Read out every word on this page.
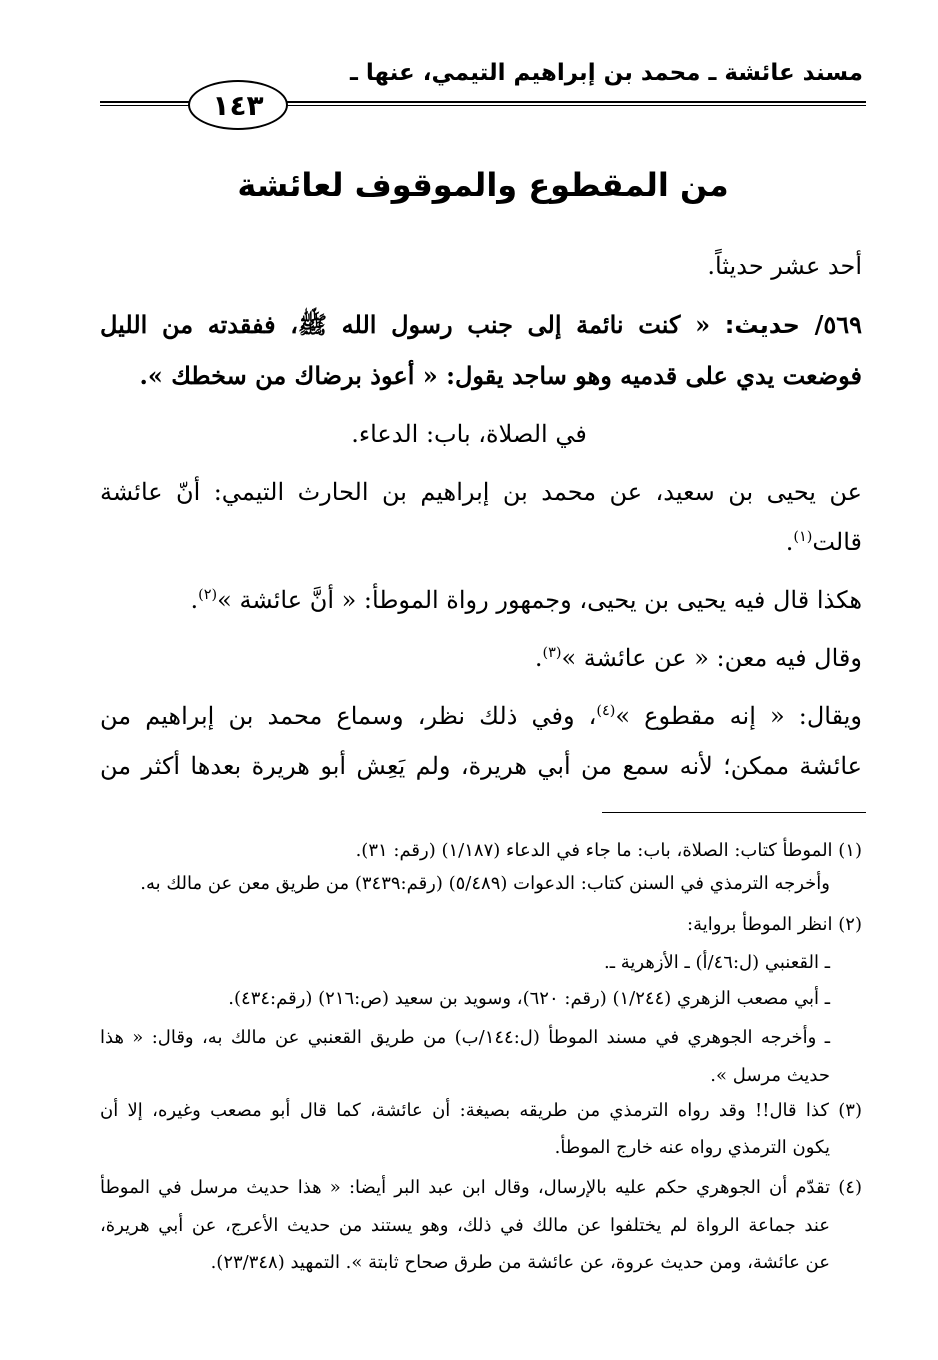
مسند عائشة ـ محمد بن إبراهيم التيمي، عنها ـ
١٤٣
من المقطوع والموقوف لعائشة
أحد عشر حديثاً.
٥٦٩/ حديث: « كنت نائمة إلى جنب رسول الله ﷺ، ففقدته من الليل
فوضعت يدي على قدميه وهو ساجد يقول: « أعوذ برضاك من سخطك ».
في الصلاة، باب: الدعاء.
عن يحيى بن سعيد، عن محمد بن إبراهيم بن الحارث التيمي: أنّ عائشة
قالت$^{(١)}$.
هكذا قال فيه يحيى بن يحيى، وجمهور رواة الموطأ: « أنَّ عائشة »$^{(٢)}$.
وقال فيه معن: « عن عائشة »$^{(٣)}$.
ويقال: « إنه مقطوع »$^{(٤)}$، وفي ذلك نظر، وسماع محمد بن إبراهيم من
عائشة ممكن؛ لأنه سمع من أبي هريرة، ولم يَعِش أبو هريرة بعدها أكثر من
(١) الموطأ كتاب: الصلاة، باب: ما جاء في الدعاء (١/١٨٧) (رقم: ٣١).
وأخرجه الترمذي في السنن كتاب: الدعوات (٥/٤٨٩) (رقم:٣٤٣٩) من طريق معن عن مالك به.
(٢) انظر الموطأ برواية:
ـ القعنبي (ل:٤٦/أ) ـ الأزهرية ـ.
ـ أبي مصعب الزهري (١/٢٤٤) (رقم: ٦٢٠)، وسويد بن سعيد (ص:٢١٦) (رقم:٤٣٤).
ـ وأخرجه الجوهري في مسند الموطأ (ل:١٤٤/ب) من طريق القعنبي عن مالك به، وقال: « هذا
حديث مرسل ».
(٣) كذا قال!! وقد رواه الترمذي من طريقه بصيغة: أن عائشة، كما قال أبو مصعب وغيره، إلا أن
يكون الترمذي رواه عنه خارج الموطأ.
(٤) تقدّم أن الجوهري حكم عليه بالإرسال، وقال ابن عبد البر أيضا: « هذا حديث مرسل في الموطأ
عند جماعة الرواة لم يختلفوا عن مالك في ذلك، وهو يستند من حديث الأعرج، عن أبي هريرة،
عن عائشة، ومن حديث عروة، عن عائشة من طرق صحاح ثابتة ». التمهيد (٢٣/٣٤٨).
